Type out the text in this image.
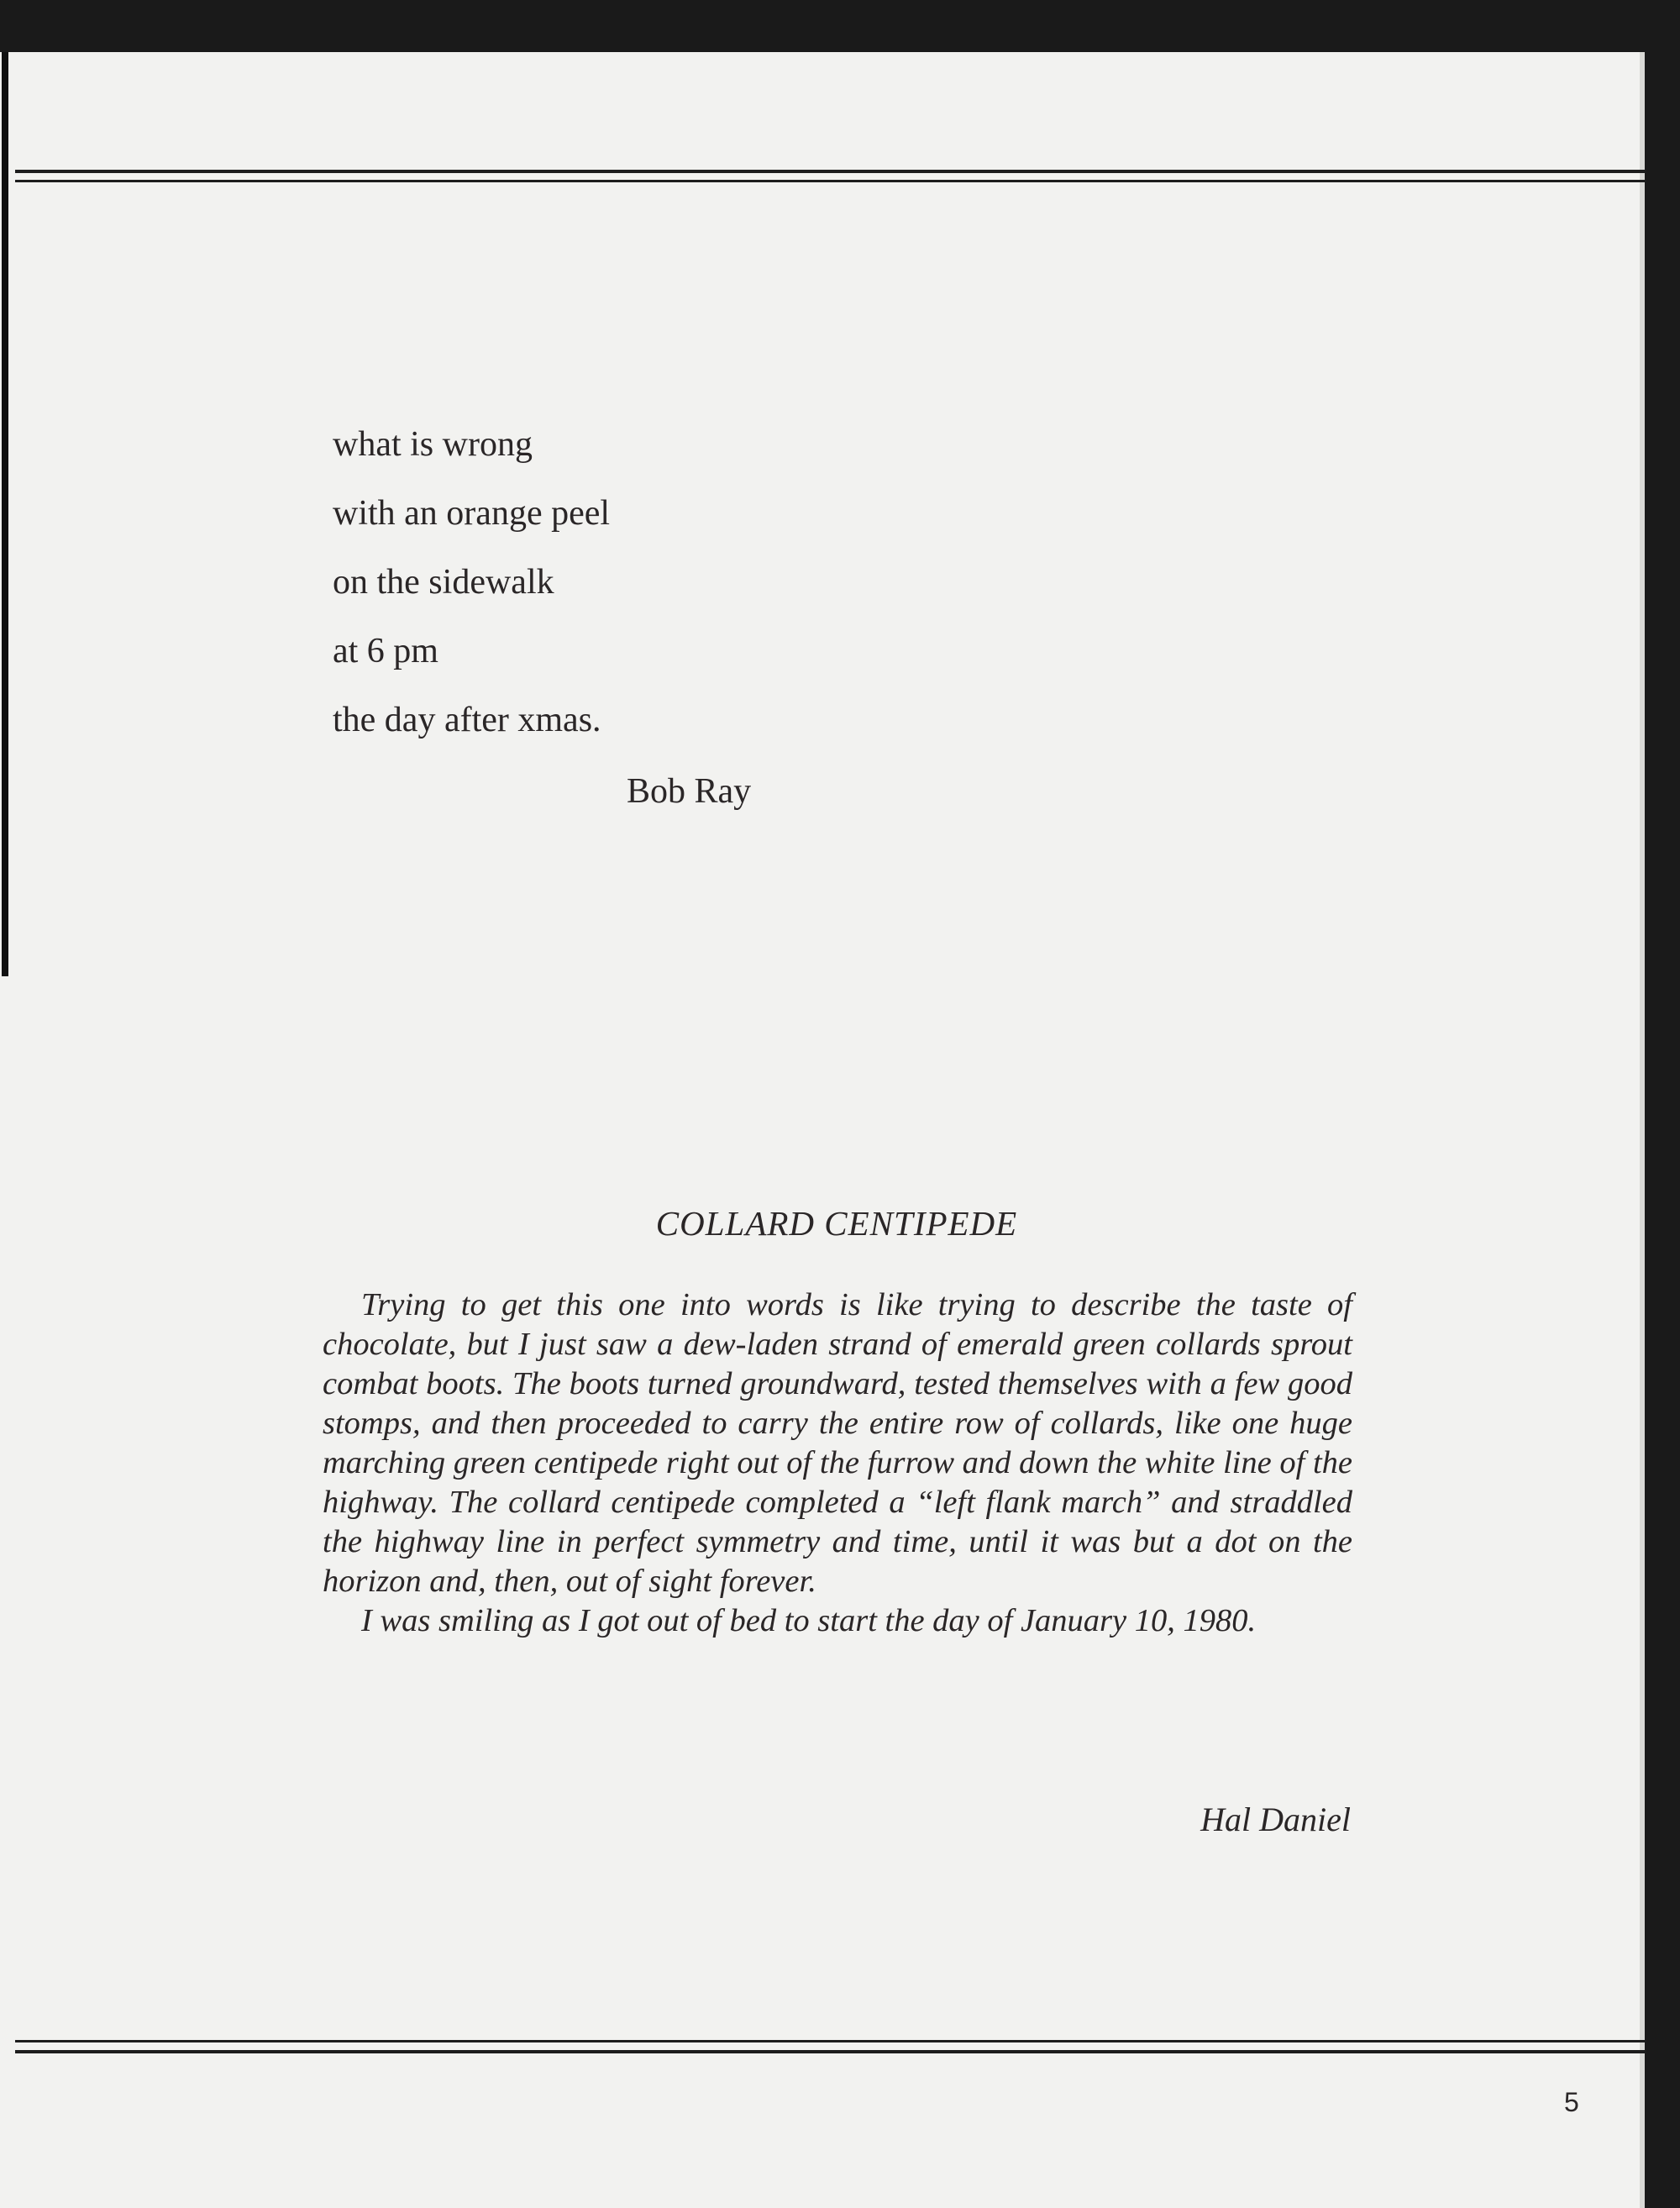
what is wrong
with an orange peel
on the sidewalk
at 6 pm
the day after xmas.
Bob Ray
COLLARD CENTIPEDE

Trying to get this one into words is like trying to describe the taste of chocolate, but I just saw a dew-laden strand of emerald green collards sprout combat boots. The boots turned groundward, tested themselves with a few good stomps, and then proceeded to carry the entire row of collards, like one huge marching green centipede right out of the furrow and down the white line of the highway. The collard centipede completed a “left flank march” and straddled the highway line in perfect symmetry and time, until it was but a dot on the horizon and, then, out of sight forever.

I was smiling as I got out of bed to start the day of January 10, 1980.

Hal Daniel
5
